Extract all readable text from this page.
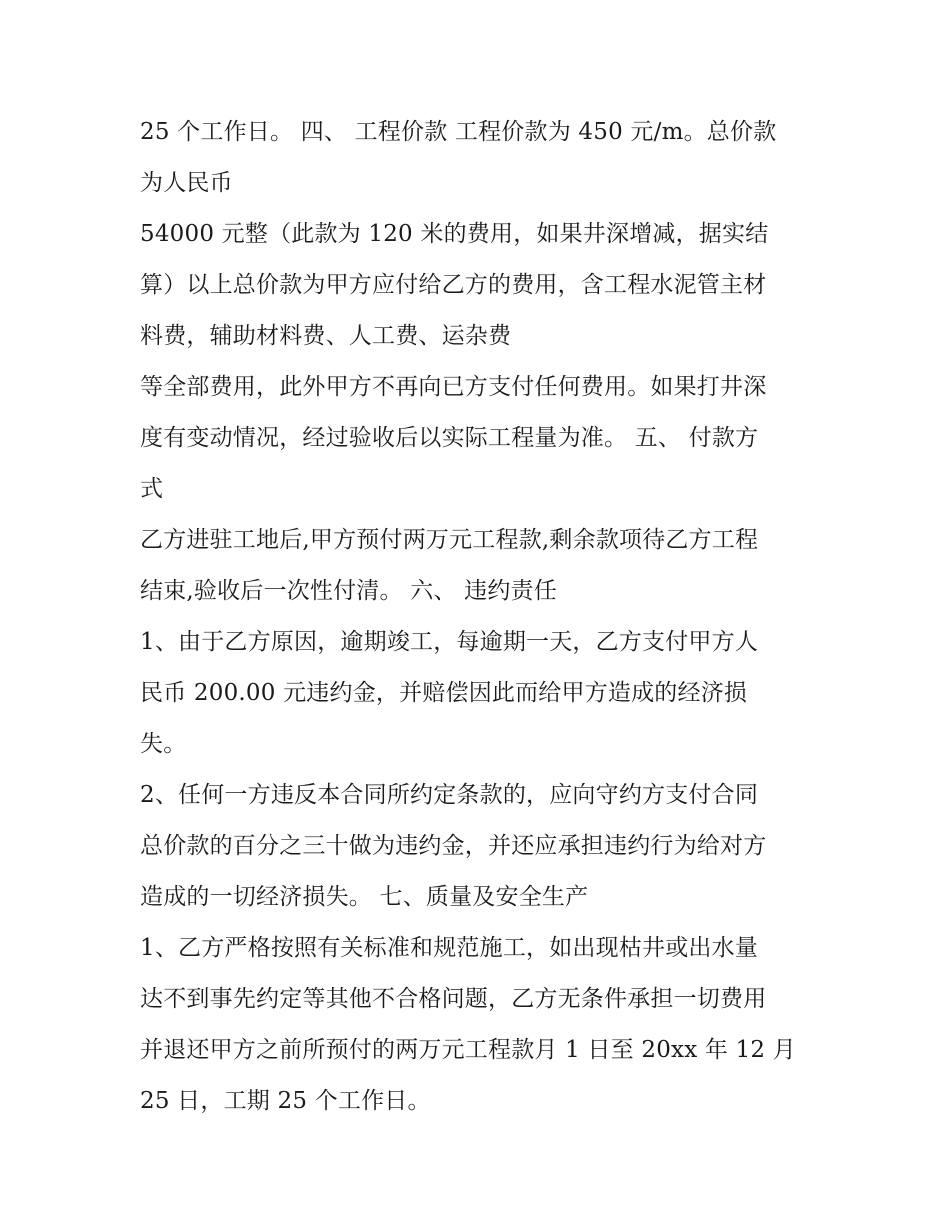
25 个工作日。 四、 工程价款 工程价款为 450 元/m。总价款
为人民币
54000 元整（此款为 120 米的费用，如果井深增减，据实结
算）以上总价款为甲方应付给乙方的费用，含工程水泥管主材
料费，辅助材料费、人工费、运杂费
等全部费用，此外甲方不再向已方支付任何费用。如果打井深
度有变动情况，经过验收后以实际工程量为准。 五、 付款方
式
乙方进驻工地后,甲方预付两万元工程款,剩余款项待乙方工程
结束,验收后一次性付清。 六、 违约责任
1、由于乙方原因，逾期竣工，每逾期一天，乙方支付甲方人
民币 200.00 元违约金，并赔偿因此而给甲方造成的经济损
失。
2、任何一方违反本合同所约定条款的，应向守约方支付合同
总价款的百分之三十做为违约金，并还应承担违约行为给对方
造成的一切经济损失。 七、质量及安全生产
1、乙方严格按照有关标准和规范施工，如出现枯井或出水量
达不到事先约定等其他不合格问题，乙方无条件承担一切费用
并退还甲方之前所预付的两万元工程款月 1 日至 20xx 年 12 月
25 日，工期 25 个工作日。
